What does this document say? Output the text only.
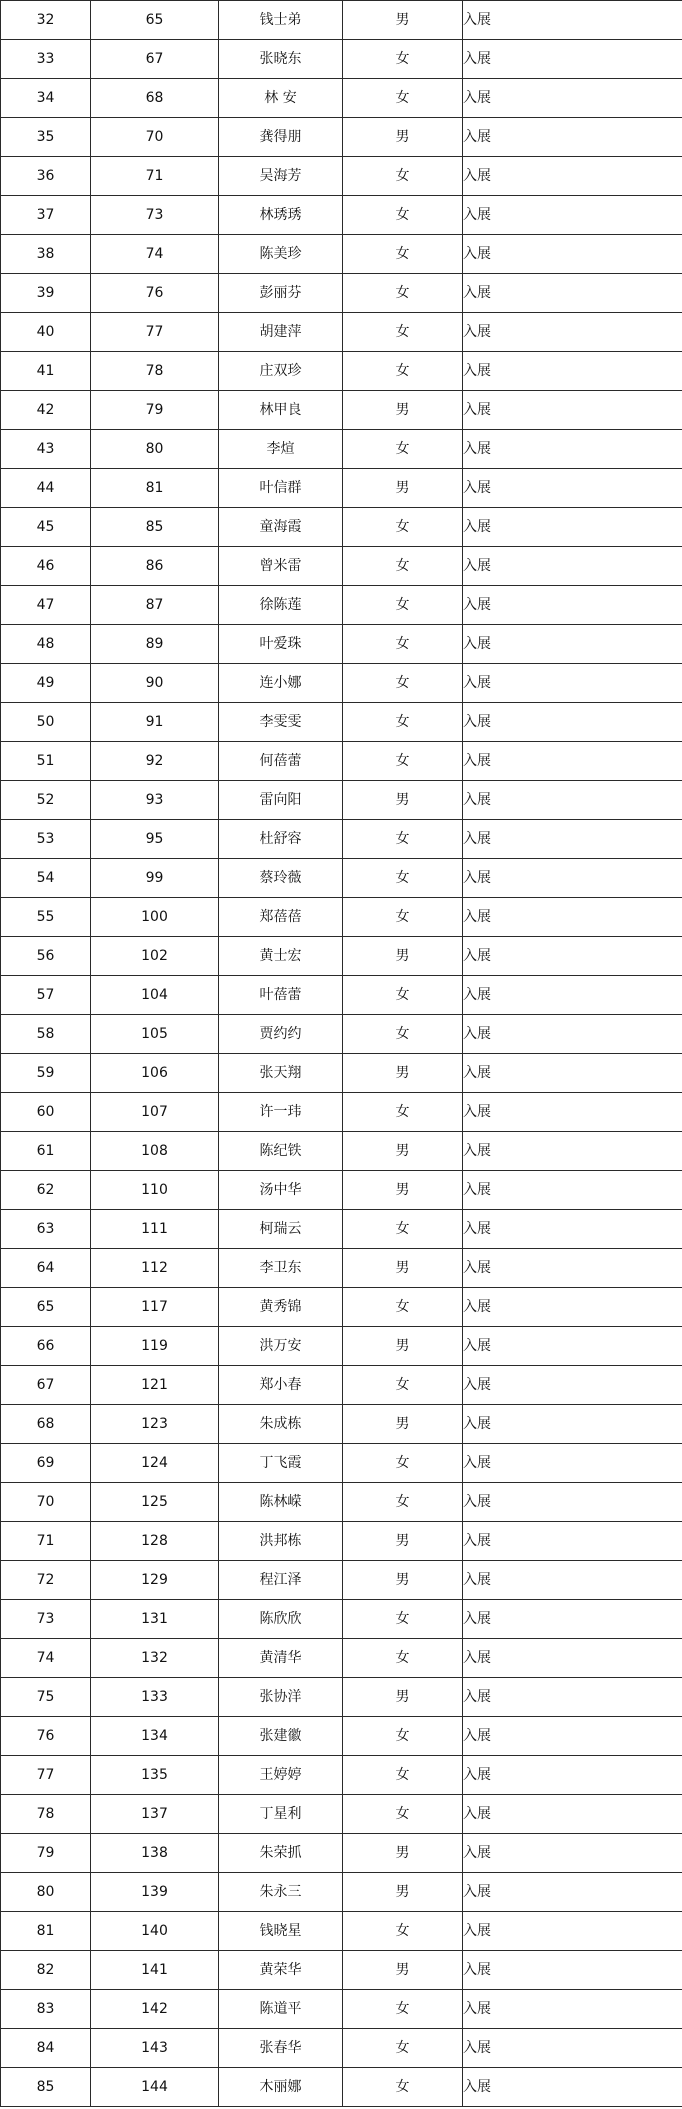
32	65	钱士弟	男	入展
33	67	张晓东	女	入展
34	68	林 安	女	入展
35	70	龚得朋	男	入展
36	71	吴海芳	女	入展
37	73	林琇琇	女	入展
38	74	陈美珍	女	入展
39	76	彭丽芬	女	入展
40	77	胡建萍	女	入展
41	78	庄双珍	女	入展
42	79	林甲良	男	入展
43	80	李煊	女	入展
44	81	叶信群	男	入展
45	85	童海霞	女	入展
46	86	曾米雷	女	入展
47	87	徐陈莲	女	入展
48	89	叶爱珠	女	入展
49	90	连小娜	女	入展
50	91	李雯雯	女	入展
51	92	何蓓蕾	女	入展
52	93	雷向阳	男	入展
53	95	杜舒容	女	入展
54	99	蔡玲薇	女	入展
55	100	郑蓓蓓	女	入展
56	102	黄士宏	男	入展
57	104	叶蓓蕾	女	入展
58	105	贾约约	女	入展
59	106	张天翔	男	入展
60	107	许一玮	女	入展
61	108	陈纪铁	男	入展
62	110	汤中华	男	入展
63	111	柯瑞云	女	入展
64	112	李卫东	男	入展
65	117	黄秀锦	女	入展
66	119	洪万安	男	入展
67	121	郑小春	女	入展
68	123	朱成栋	男	入展
69	124	丁飞霞	女	入展
70	125	陈林嵘	女	入展
71	128	洪邦栋	男	入展
72	129	程江泽	男	入展
73	131	陈欣欣	女	入展
74	132	黄清华	女	入展
75	133	张协洋	男	入展
76	134	张建徽	女	入展
77	135	王婷婷	女	入展
78	137	丁星利	女	入展
79	138	朱荣抓	男	入展
80	139	朱永三	男	入展
81	140	钱晓星	女	入展
82	141	黄荣华	男	入展
83	142	陈道平	女	入展
84	143	张春华	女	入展
85	144	木丽娜	女	入展
